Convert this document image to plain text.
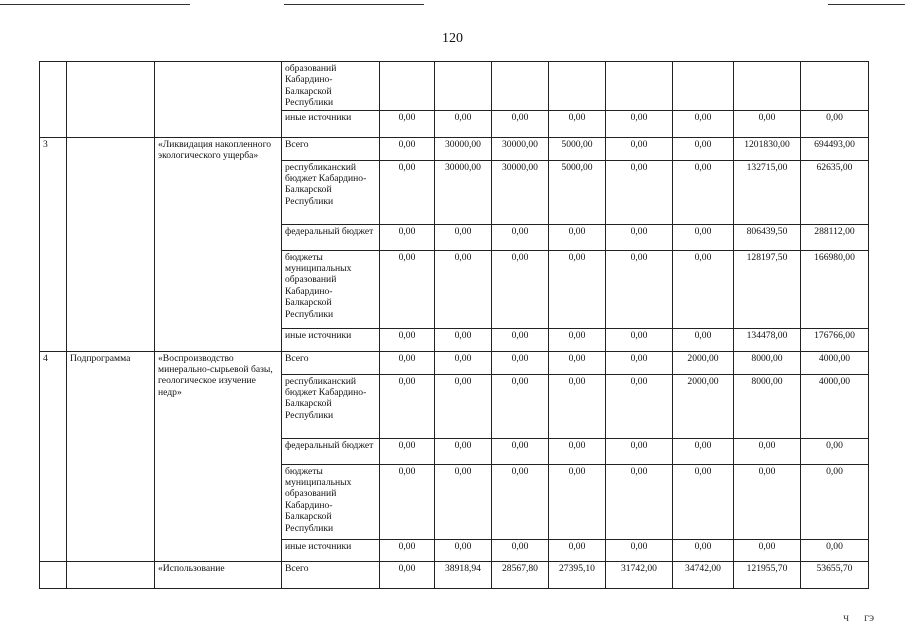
120
			образований Кабардино-Балкарской Республики								
			иные источники	0,00	0,00	0,00	0,00	0,00	0,00	0,00	0,00
3		«Ликвидация накопленного экологического ущерба»	Всего	0,00	30000,00	30000,00	5000,00	0,00	0,00	1201830,00	694493,00
			республиканский бюджет Кабардино-Балкарской Республики	0,00	30000,00	30000,00	5000,00	0,00	0,00	132715,00	62635,00
			федеральный бюджет	0,00	0,00	0,00	0,00	0,00	0,00	806439,50	288112,00
			бюджеты муниципальных образований Кабардино-Балкарской Республики	0,00	0,00	0,00	0,00	0,00	0,00	128197,50	166980,00
			иные источники	0,00	0,00	0,00	0,00	0,00	0,00	134478,00	176766,00
4	Подпрограмма	«Воспроизводство минерально-сырьевой базы, геологическое изучение недр»	Всего	0,00	0,00	0,00	0,00	0,00	2000,00	8000,00	4000,00
			республиканский бюджет Кабардино-Балкарской Республики	0,00	0,00	0,00	0,00	0,00	2000,00	8000,00	4000,00
			федеральный бюджет	0,00	0,00	0,00	0,00	0,00	0,00	0,00	0,00
			бюджеты муниципальных образований Кабардино-Балкарской Республики	0,00	0,00	0,00	0,00	0,00	0,00	0,00	0,00
			иные источники	0,00	0,00	0,00	0,00	0,00	0,00	0,00	0,00
		«Использование	Всего	0,00	38918,94	28567,80	27395,10	31742,00	34742,00	121955,70	53655,70
ч     гэ
